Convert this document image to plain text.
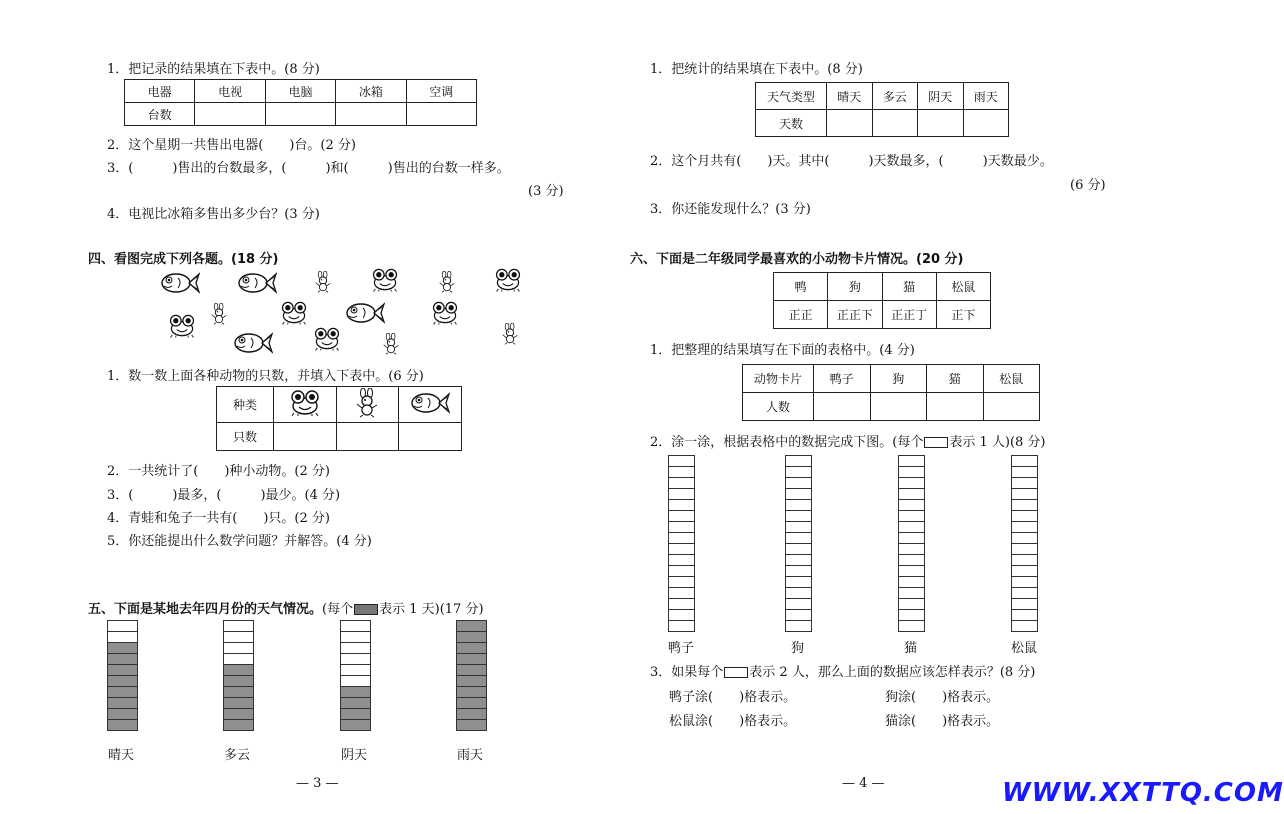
1．把记录的结果填在下表中。(8 分)
电器	电视	电脑	冰箱	空调
台数				
2．这个星期一共售出电器(　　)台。(2 分)
3．(　　　)售出的台数最多，(　　　)和(　　　)售出的台数一样多。
(3 分)
4．电视比冰箱多售出多少台？(3 分)
四、看图完成下列各题。(18 分)
1．数一数上面各种动物的只数，并填入下表中。(6 分)
种类			
只数			
2．一共统计了(　　)种小动物。(2 分)
3．(　　　)最多，(　　　)最少。(4 分)
4．青蛙和兔子一共有(　　)只。(2 分)
5．你还能提出什么数学问题？并解答。(4 分)
五、下面是某地去年四月份的天气情况。(每个 表示 1 天)(17 分)
晴天	多云	阴天	雨天
— 3 —
1．把统计的结果填在下表中。(8 分)
天气类型	晴天	多云	阴天	雨天
天数				
2．这个月共有(　　)天。其中(　　　)天数最多，(　　　)天数最少。
(6 分)
3．你还能发现什么？(3 分)
六、下面是二年级同学最喜欢的小动物卡片情况。(20 分)
鸭	狗	猫	松鼠
正正	正正下	正正丁	正下
1．把整理的结果填写在下面的表格中。(4 分)
动物卡片	鸭子	狗	猫	松鼠
人数				
2．涂一涂，根据表格中的数据完成下图。(每个 表示 1 人)(8 分)
鸭子	狗	猫	松鼠
3．如果每个 表示 2 人，那么上面的数据应该怎样表示？(8 分)
鸭子涂(　　)格表示。	狗涂(　　)格表示。
松鼠涂(　　)格表示。	猫涂(　　)格表示。
— 4 —	WWW.XXTTQ.COM
